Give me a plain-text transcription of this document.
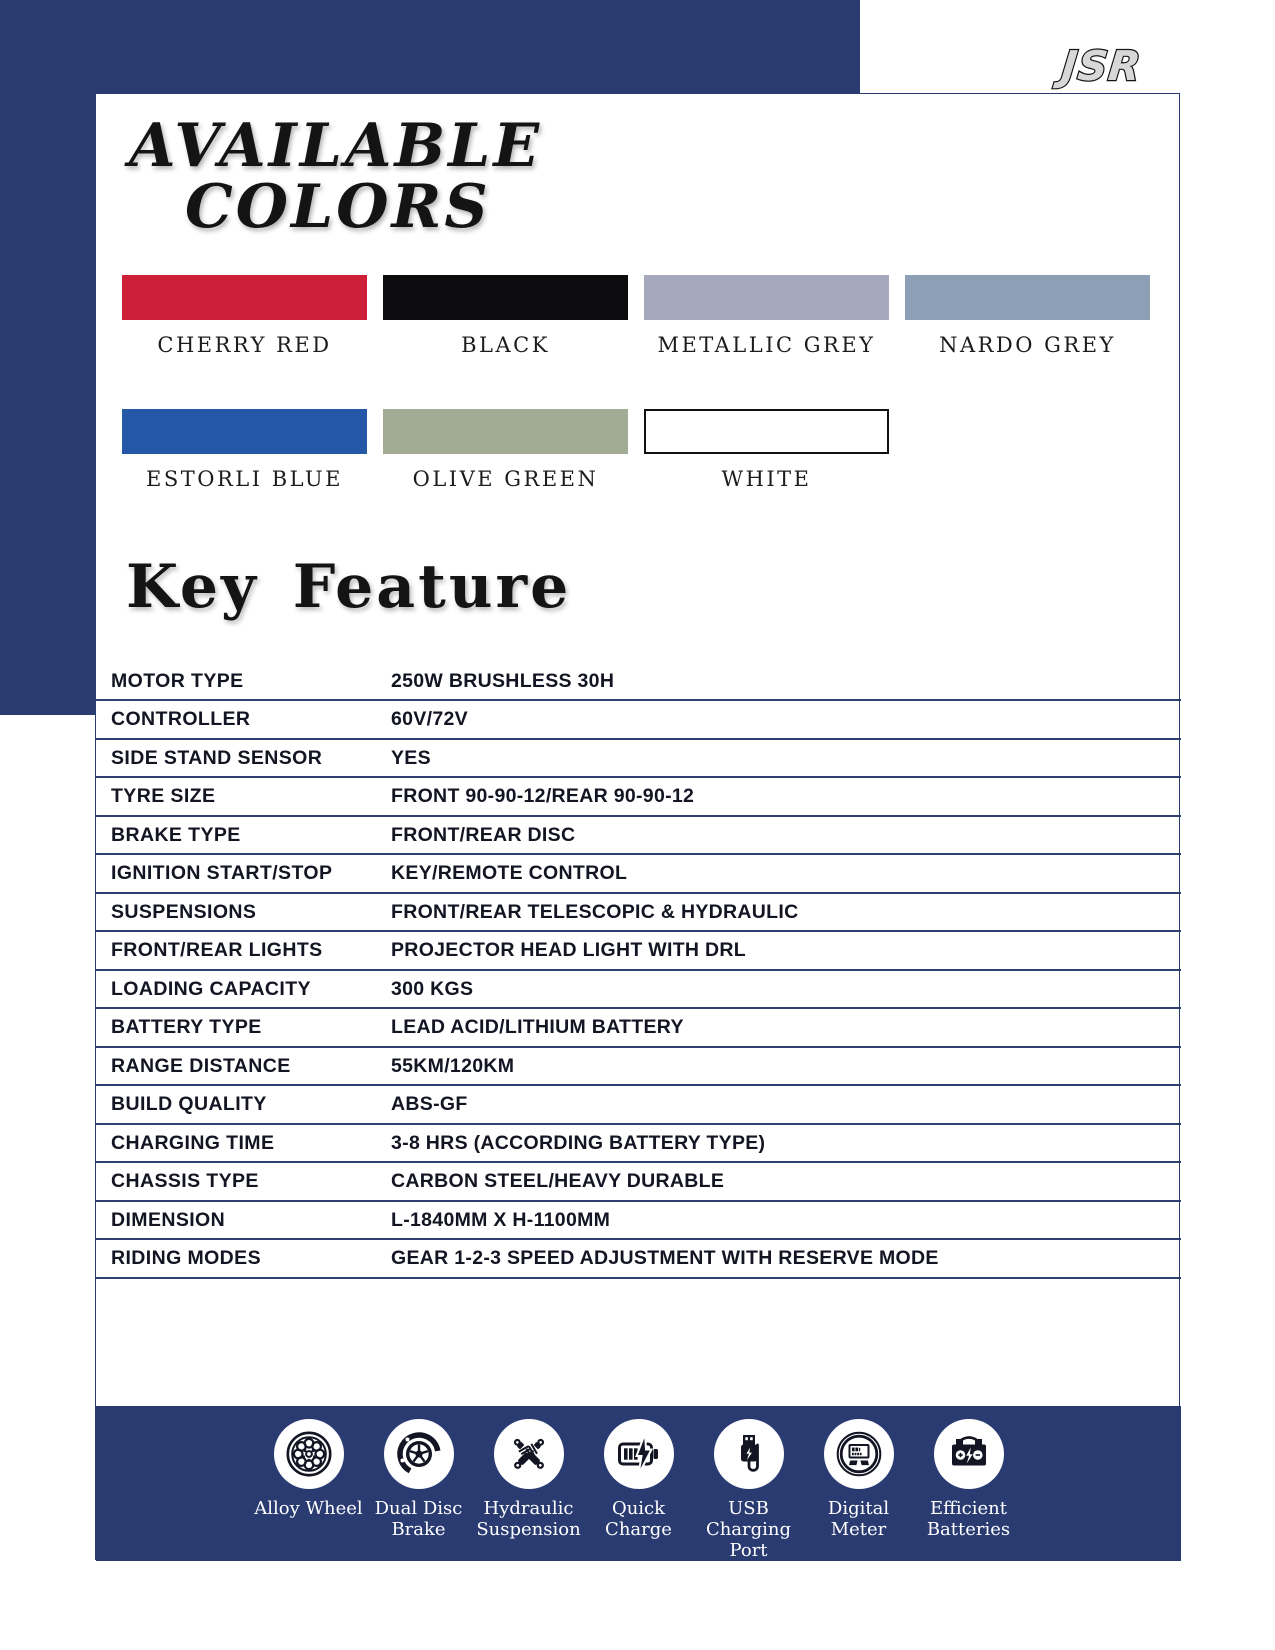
AVAILABLE
COLORS
CHERRY RED	BLACK	METALLIC GREY	NARDO GREY
ESTORLI BLUE	OLIVE GREEN	WHITE
Key Feature
MOTOR TYPE	250W BRUSHLESS 30H
CONTROLLER	60V/72V
SIDE STAND SENSOR	YES
TYRE SIZE	FRONT 90-90-12/REAR 90-90-12
BRAKE TYPE	FRONT/REAR DISC
IGNITION START/STOP	KEY/REMOTE CONTROL
SUSPENSIONS	FRONT/REAR TELESCOPIC & HYDRAULIC
FRONT/REAR LIGHTS	PROJECTOR HEAD LIGHT WITH DRL
LOADING CAPACITY	300 KGS
BATTERY TYPE	LEAD ACID/LITHIUM BATTERY
RANGE DISTANCE	55KM/120KM
BUILD QUALITY	ABS-GF
CHARGING TIME	3-8 HRS (ACCORDING BATTERY TYPE)
CHASSIS TYPE	CARBON STEEL/HEAVY DURABLE
DIMENSION	L-1840MM X H-1100MM
RIDING MODES	GEAR 1-2-3 SPEED ADJUSTMENT WITH RESERVE MODE
Alloy Wheel Dual Disc Brake
Hydraulic Suspension
Quick Charge
USB Charging Port
Digital Meter
Efficient Batteries
JSR
